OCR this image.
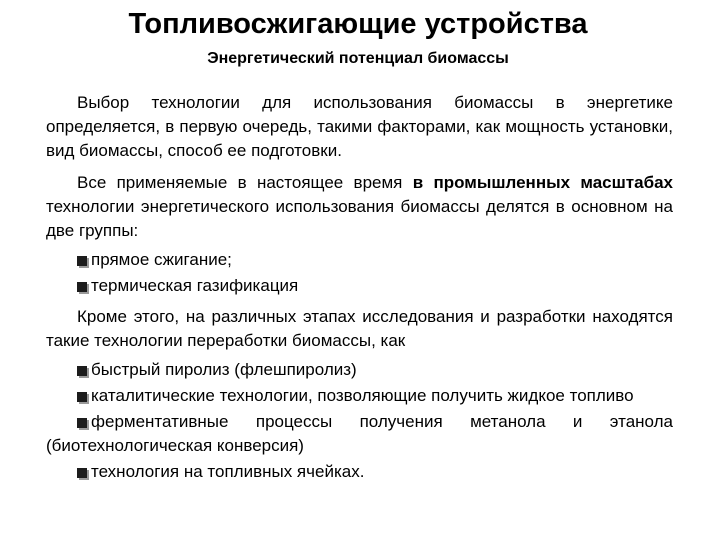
Топливосжигающие устройства
Энергетический потенциал биомассы

Выбор технологии для использования биомассы в энергетике определяется, в первую очередь, такими факторами, как мощность установки, вид биомассы, способ ее подготовки.

Все применяемые в настоящее время в промышленных масштабах технологии энергетического использования биомассы делятся в основном на две группы:

прямое сжигание;
термическая газификация

Кроме этого, на различных этапах исследования и разработки находятся такие технологии переработки биомассы, как

быстрый пиролиз (флешпиролиз)
каталитические технологии, позволяющие получить жидкое топливо
ферментативные процессы получения метанола и этанола (биотехнологическая конверсия)
технология на топливных ячейках.
